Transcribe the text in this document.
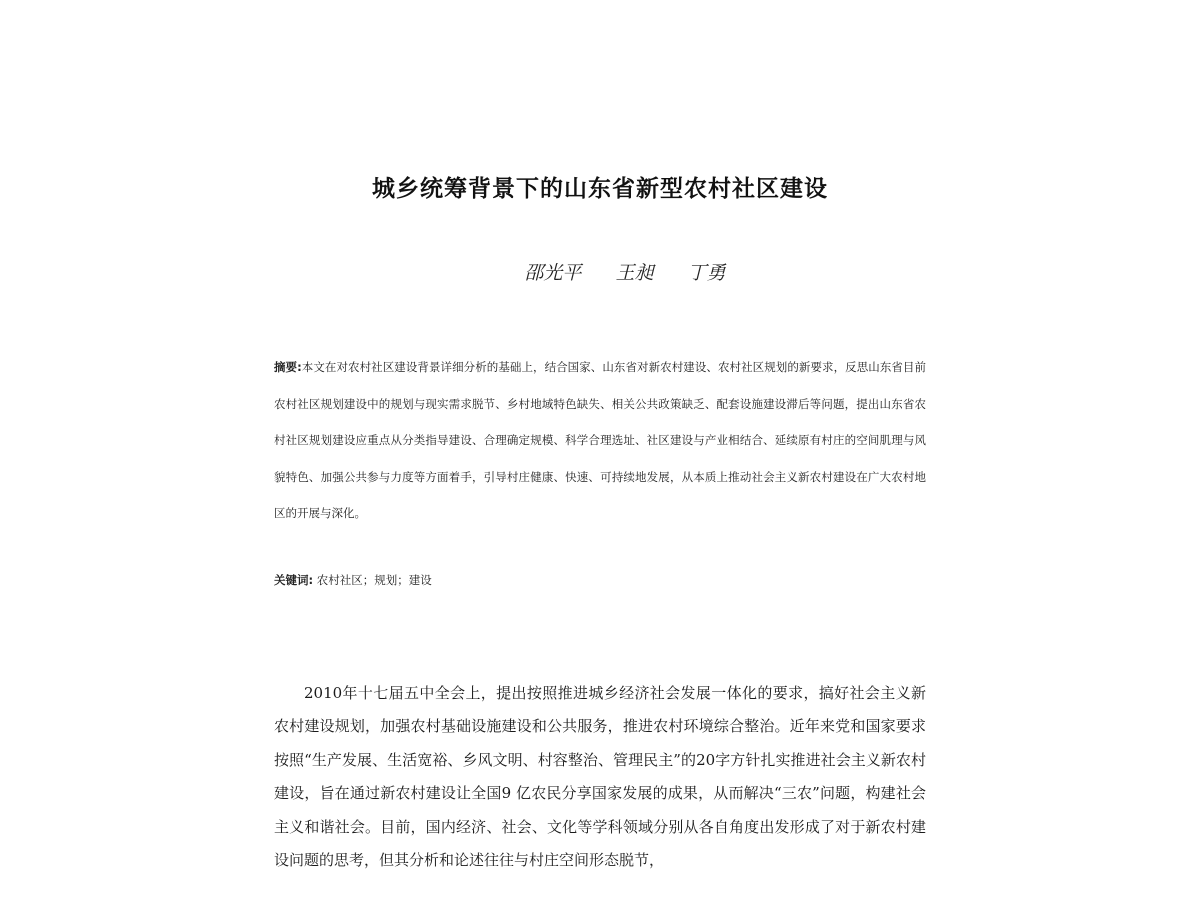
城乡统筹背景下的山东省新型农村社区建设
邵光平 王昶 丁勇
摘要:本文在对农村社区建设背景详细分析的基础上，结合国家、山东省对新农村建设、农村社区规划的新要求，反思山东省目前农村社区规划建设中的规划与现实需求脱节、乡村地域特色缺失、相关公共政策缺乏、配套设施建设滞后等问题，提出山东省农村社区规划建设应重点从分类指导建设、合理确定规模、科学合理选址、社区建设与产业相结合、延续原有村庄的空间肌理与风貌特色、加强公共参与力度等方面着手，引导村庄健康、快速、可持续地发展，从本质上推动社会主义新农村建设在广大农村地区的开展与深化。
关键词: 农村社区；规划；建设
2010年十七届五中全会上，提出按照推进城乡经济社会发展一体化的要求，搞好社会主义新农村建设规划，加强农村基础设施建设和公共服务，推进农村环境综合整治。近年来党和国家要求按照“生产发展、生活宽裕、乡风文明、村容整治、管理民主”的20字方针扎实推进社会主义新农村建设，旨在通过新农村建设让全国9 亿农民分享国家发展的成果，从而解决“三农”问题，构建社会主义和谐社会。目前，国内经济、社会、文化等学科领域分别从各自角度出发形成了对于新农村建设问题的思考，但其分析和论述往往与村庄空间形态脱节，
